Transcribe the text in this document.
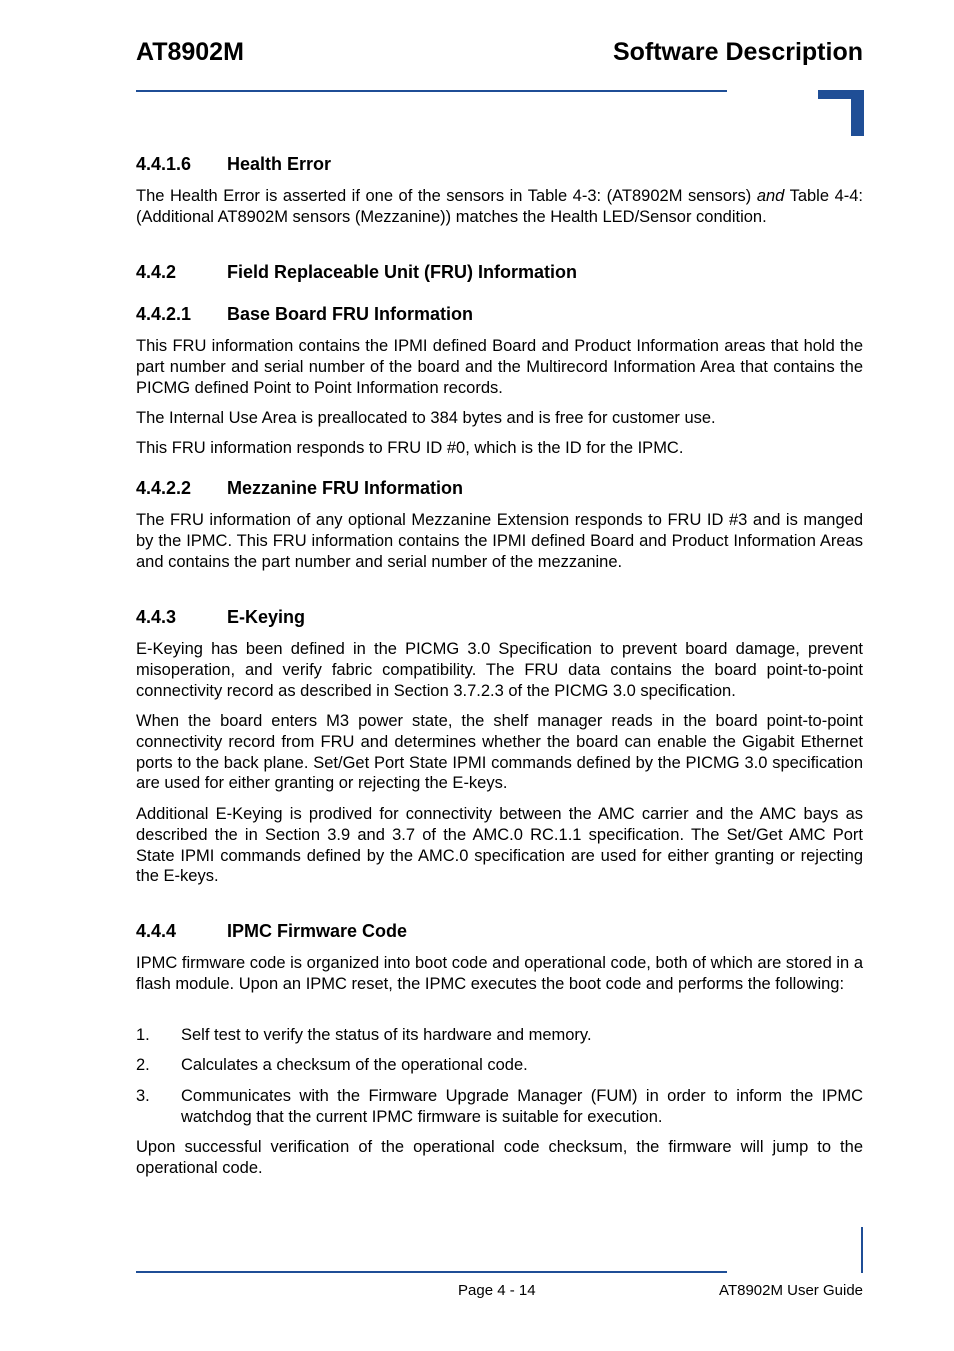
AT8902M	Software Description
4.4.1.6 Health Error

The Health Error is asserted if one of the sensors in Table 4-3: (AT8902M sensors) and Table 4-4: (Additional AT8902M sensors (Mezzanine)) matches the Health LED/Sensor condition.

4.4.2	Field Replaceable Unit (FRU) Information
4.4.2.1 Base Board FRU Information

This FRU information contains the IPMI defined Board and Product Information areas that hold the part number and serial number of the board and the Multirecord Information Area that contains the PICMG defined Point to Point Information records.

The Internal Use Area is preallocated to 384 bytes and is free for customer use.

This FRU information responds to FRU ID #0, which is the ID for the IPMC.

4.4.2.2 Mezzanine FRU Information

The FRU information of any optional Mezzanine Extension responds to FRU ID #3 and is manged by the IPMC. This FRU information contains the IPMI defined Board and Product Information Areas and contains the part number and serial number of the mezzanine.

4.4.3	E-Keying

E-Keying has been defined in the PICMG 3.0 Specification to prevent board damage, prevent misoperation, and verify fabric compatibility. The FRU data contains the board point-to-point connectivity record as described in Section 3.7.2.3 of the PICMG 3.0 specification.

When the board enters M3 power state, the shelf manager reads in the board point-to-point connectivity record from FRU and determines whether the board can enable the Gigabit Ethernet ports to the back plane. Set/Get Port State IPMI commands defined by the PICMG 3.0 specification are used for either granting or rejecting the E-keys.

Additional E-Keying is prodived for connectivity between the AMC carrier and the AMC bays as described the in Section 3.9 and 3.7 of the AMC.0 RC.1.1 specification. The Set/Get AMC Port State IPMI commands defined by the AMC.0 specification are used for either granting or rejecting the E-keys.

4.4.4	IPMC Firmware Code

IPMC firmware code is organized into boot code and operational code, both of which are stored in a flash module. Upon an IPMC reset, the IPMC executes the boot code and performs the following:

1. Self test to verify the status of its hardware and memory.
2. Calculates a checksum of the operational code.
3. Communicates with the Firmware Upgrade Manager (FUM) in order to inform the IPMC watchdog that the current IPMC firmware is suitable for execution.

Upon successful verification of the operational code checksum, the firmware will jump to the operational code.

Page 4 - 14	AT8902M User Guide
